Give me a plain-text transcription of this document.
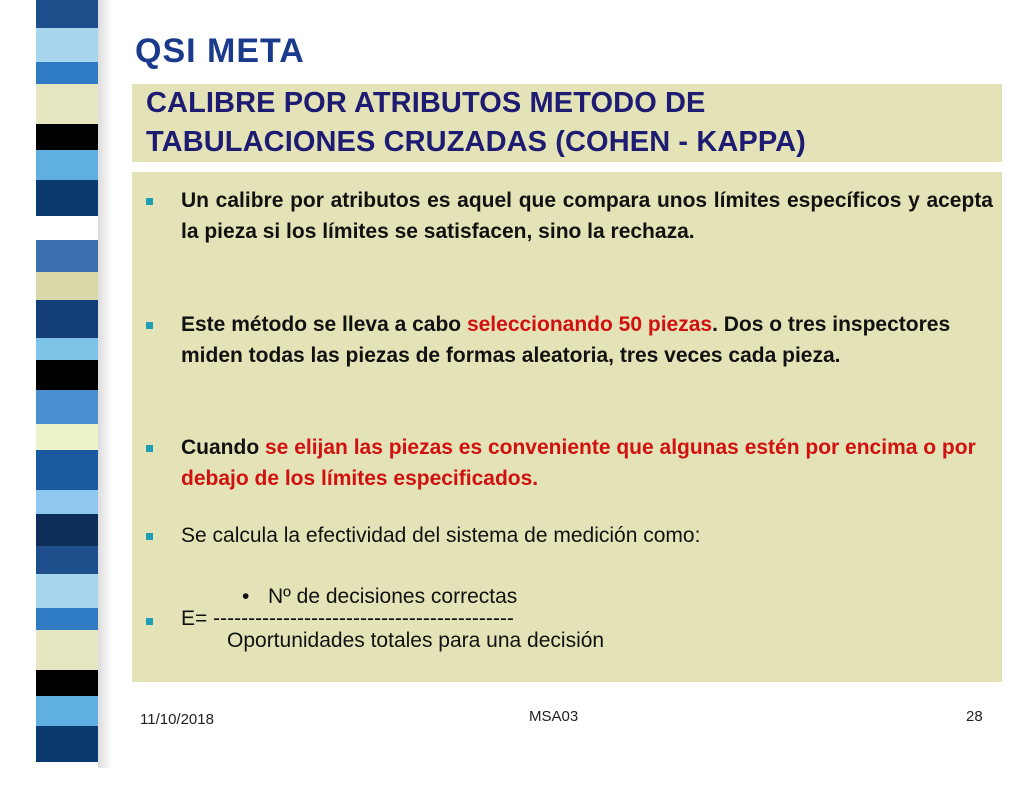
QSI META
CALIBRE POR ATRIBUTOS METODO DE
TABULACIONES CRUZADAS (COHEN - KAPPA)
Un calibre por atributos es aquel que compara unos límites específicos y acepta la pieza si los límites se satisfacen, sino la rechaza.
Este método se lleva a cabo seleccionando 50 piezas. Dos o tres inspectores miden todas las piezas de formas aleatoria, tres veces cada pieza.
Cuando se elijan las piezas es conveniente que algunas estén por encima o por debajo de los límites especificados.
Se calcula la efectividad del sistema de medición como:
• Nº de decisiones correctas
E= -------------------------------------------
Oportunidades totales para una decisión
11/10/2018	MSA03	28
